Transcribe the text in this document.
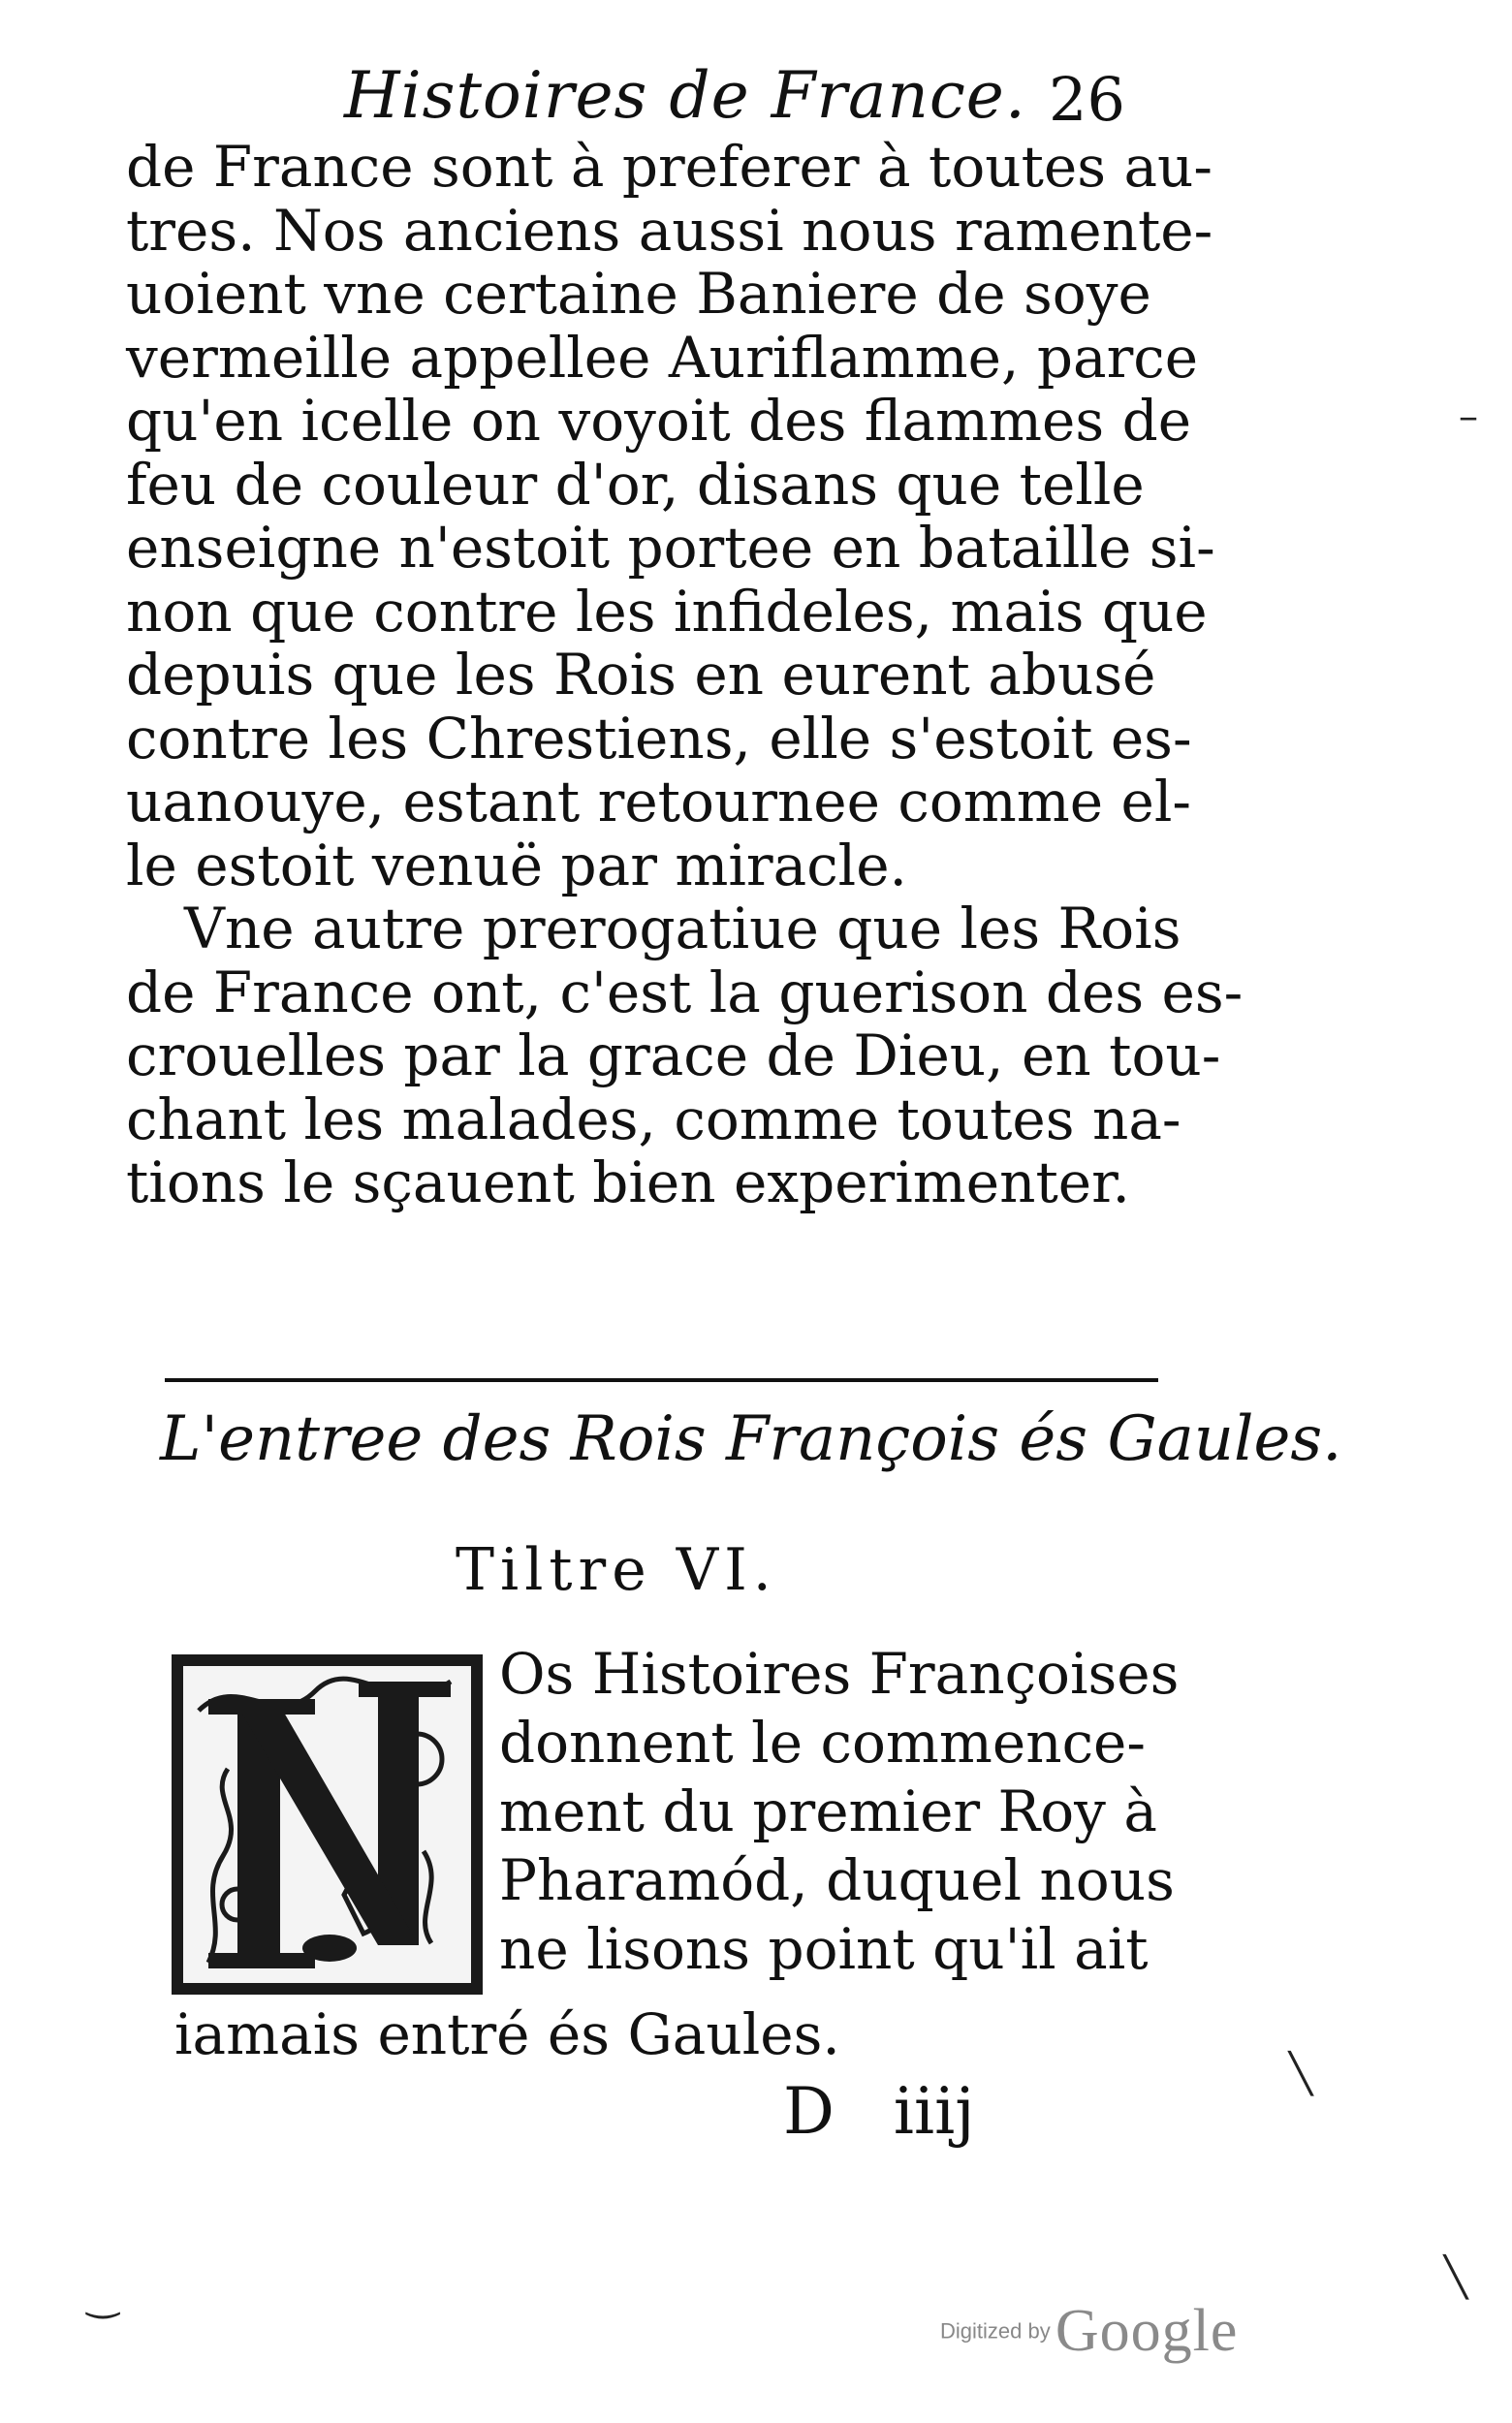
Histoires de France. 26
de France sont à preferer à toutes au-
tres. Nos anciens aussi nous ramente-
uoient vne certaine Baniere de soye
vermeille appellee Auriflamme, parce
qu'en icelle on voyoit des flammes de
feu de couleur d'or, disans que telle
enseigne n'estoit portee en bataille si-
non que contre les infideles, mais que
depuis que les Rois en eurent abusé
contre les Chrestiens, elle s'estoit es-
uanouye, estant retournee comme el-
le estoit venuë par miracle.
Vne autre prerogatiue que les Rois
de France ont, c'est la guerison des es-
crouelles par la grace de Dieu, en tou-
chant les malades, comme toutes na-
tions le sçauent bien experimenter.
L'entree des Rois François és Gaules.
Tiltre VI.
Os Histoires Françoises
donnent le commence-
ment du premier Roy à
Pharamód, duquel nous
ne lisons point qu'il ait
iamais entré és Gaules.
D iiij
Digitized by Google
–
╲
‿	╲
